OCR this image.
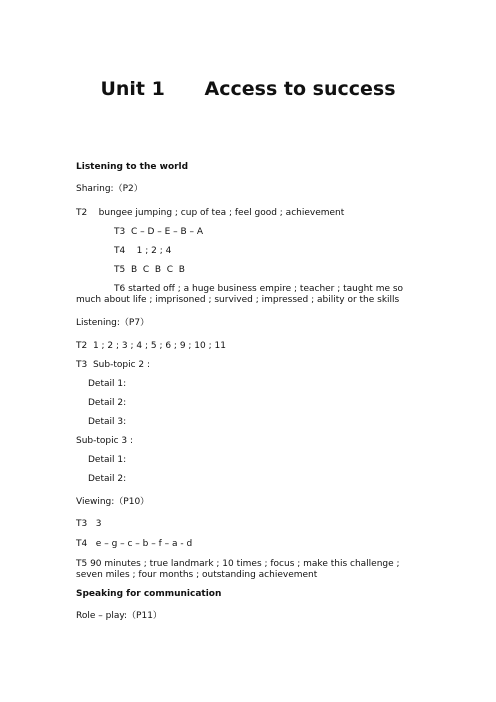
Unit 1      Access to success
Listening to the world
Sharing:（P2）
T2    bungee jumping ; cup of tea ; feel good ; achievement
T3  C – D – E – B – A
T4    1 ; 2 ; 4
T5  B  C  B  C  B
T6 started off ; a huge business empire ; teacher ; taught me so much about life ; imprisoned ; survived ; impressed ; ability or the skills
Listening:（P7）
T2  1 ; 2 ; 3 ; 4 ; 5 ; 6 ; 9 ; 10 ; 11
T3  Sub-topic 2 :
Detail 1:
Detail 2:
Detail 3:
Sub-topic 3 :
Detail 1:
Detail 2:
Viewing:（P10）
T3   3
T4   e – g – c – b – f – a - d
T5 90 minutes ; true landmark ; 10 times ; focus ; make this challenge ; seven miles ; four months ; outstanding achievement
Speaking for communication
Role – play:（P11）
